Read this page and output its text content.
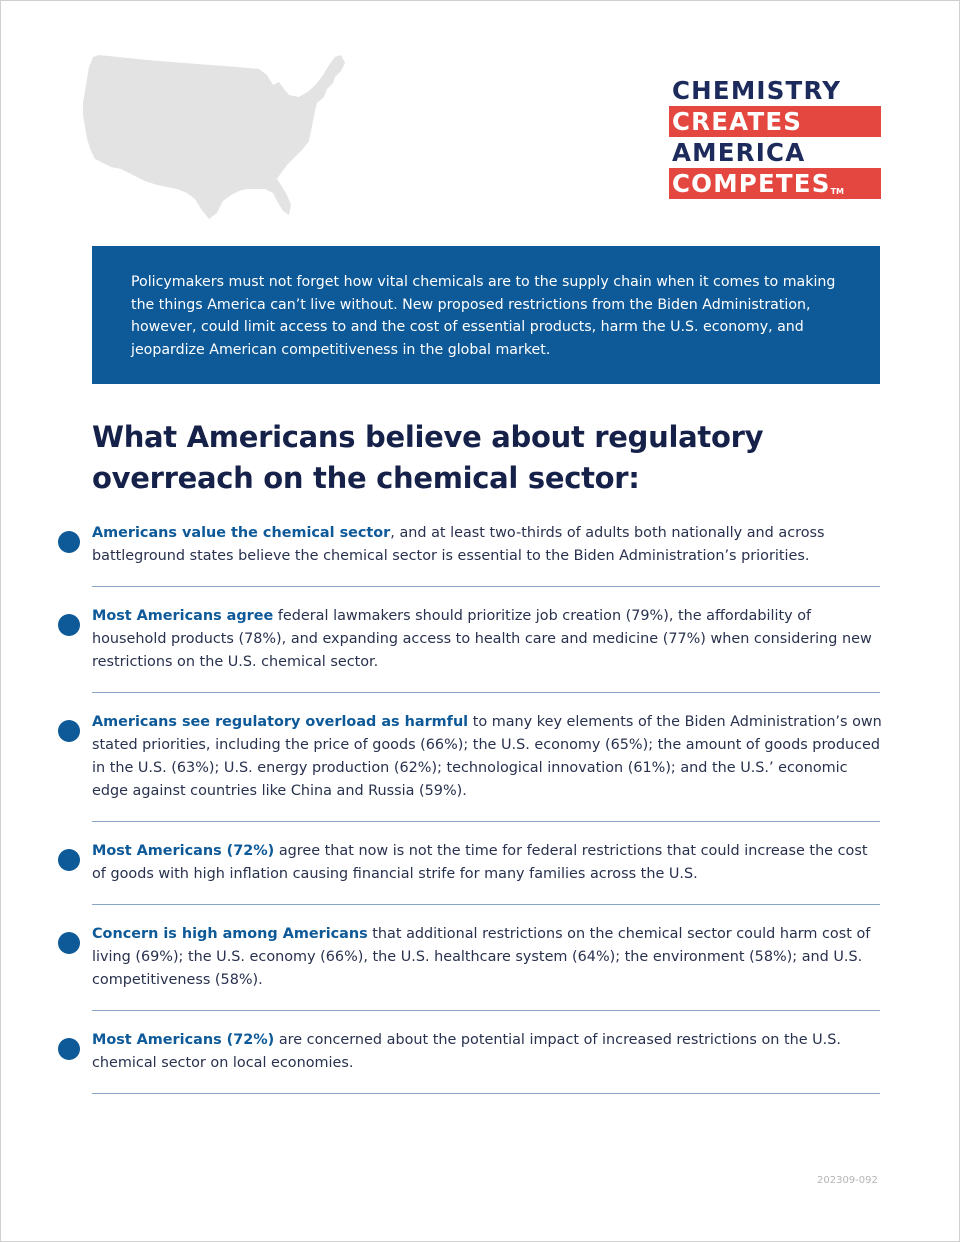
CHEMISTRY
CREATES
AMERICA
COMPETESTM
Policymakers must not forget how vital chemicals are to the supply chain when it comes to making the things America can’t live without. New proposed restrictions from the Biden Administration, however, could limit access to and the cost of essential products, harm the U.S. economy, and jeopardize American competitiveness in the global market.
What Americans believe about regulatory overreach on the chemical sector:
Americans value the chemical sector, and at least two-thirds of adults both nationally and across battleground states believe the chemical sector is essential to the Biden Administration’s priorities.
Most Americans agree federal lawmakers should prioritize job creation (79%), the affordability of household products (78%), and expanding access to health care and medicine (77%) when considering new restrictions on the U.S. chemical sector.
Americans see regulatory overload as harmful to many key elements of the Biden Administration’s own stated priorities, including the price of goods (66%); the U.S. economy (65%); the amount of goods produced in the U.S. (63%); U.S. energy production (62%); technological innovation (61%); and the U.S.’ economic edge against countries like China and Russia (59%).
Most Americans (72%) agree that now is not the time for federal restrictions that could increase the cost of goods with high inflation causing financial strife for many families across the U.S.
Concern is high among Americans that additional restrictions on the chemical sector could harm cost of living (69%); the U.S. economy (66%), the U.S. healthcare system (64%); the environment (58%); and U.S. competitiveness (58%).
Most Americans (72%) are concerned about the potential impact of increased restrictions on the U.S. chemical sector on local economies.
202309-092
